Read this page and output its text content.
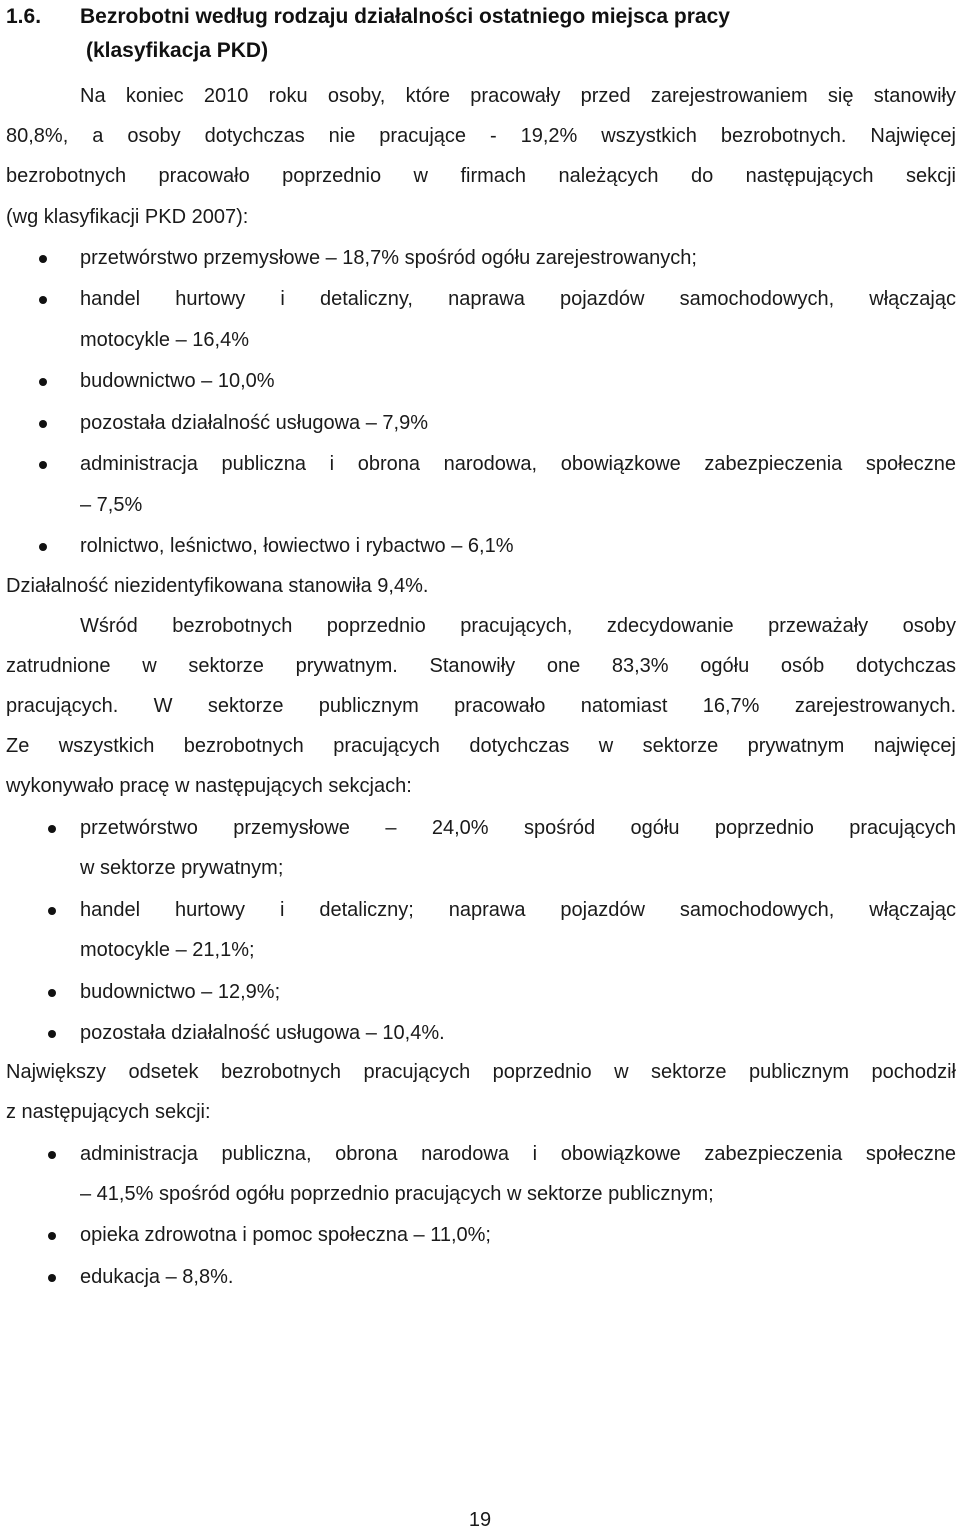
1.6. Bezrobotni według rodzaju działalności ostatniego miejsca pracy
(klasyfikacja PKD)
Na koniec 2010 roku osoby, które pracowały przed zarejestrowaniem się stanowiły
80,8%, a osoby dotychczas nie pracujące - 19,2% wszystkich bezrobotnych. Najwięcej
bezrobotnych pracowało poprzednio w firmach należących do następujących sekcji
(wg klasyfikacji PKD 2007):
przetwórstwo przemysłowe – 18,7% spośród ogółu zarejestrowanych;
handel hurtowy i detaliczny, naprawa pojazdów samochodowych, włączając
motocykle – 16,4%
budownictwo – 10,0%
pozostała działalność usługowa – 7,9%
administracja publiczna i obrona narodowa, obowiązkowe zabezpieczenia społeczne
– 7,5%
rolnictwo, leśnictwo, łowiectwo i rybactwo – 6,1%
Działalność niezidentyfikowana stanowiła 9,4%.
Wśród bezrobotnych poprzednio pracujących, zdecydowanie przeważały osoby
zatrudnione w sektorze prywatnym. Stanowiły one 83,3% ogółu osób dotychczas
pracujących. W sektorze publicznym pracowało natomiast 16,7% zarejestrowanych.
Ze wszystkich bezrobotnych pracujących dotychczas w sektorze prywatnym najwięcej
wykonywało pracę w następujących sekcjach:
przetwórstwo przemysłowe – 24,0% spośród ogółu poprzednio pracujących
w sektorze prywatnym;
handel hurtowy i detaliczny; naprawa pojazdów samochodowych, włączając
motocykle – 21,1%;
budownictwo – 12,9%;
pozostała działalność usługowa – 10,4%.
Największy odsetek bezrobotnych pracujących poprzednio w sektorze publicznym pochodził
z następujących sekcji:
administracja publiczna, obrona narodowa i obowiązkowe zabezpieczenia społeczne
– 41,5% spośród ogółu poprzednio pracujących w sektorze publicznym;
opieka zdrowotna i pomoc społeczna – 11,0%;
edukacja – 8,8%.
19
